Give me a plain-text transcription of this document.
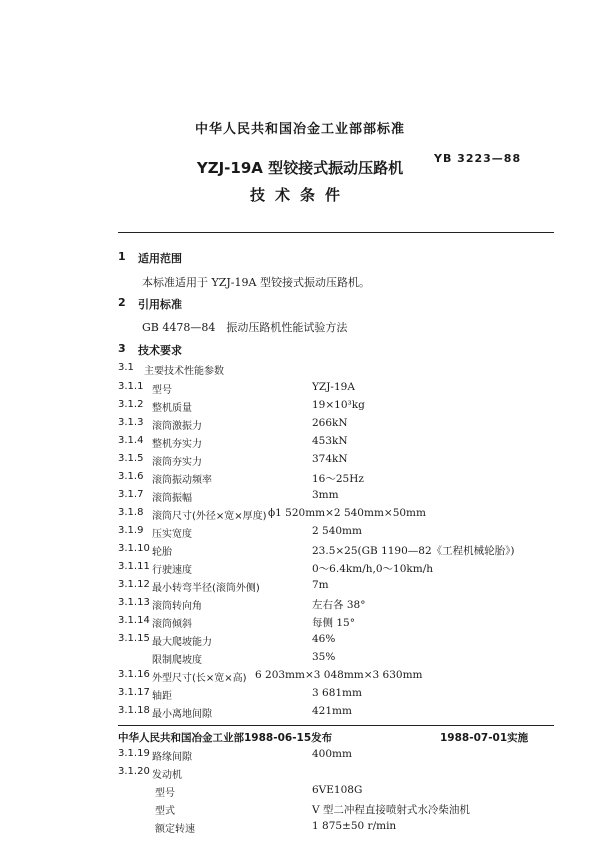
中华人民共和国冶金工业部部标准
YB 3223—88
YZJ-19A 型铰接式振动压路机
技术条件
1 适用范围
本标准适用于 YZJ-19A 型铰接式振动压路机。
2 引用标准
GB 4478—84　振动压路机性能试验方法
3 技术要求
3.1 主要技术性能参数
3.1.1 型号	YZJ-19A
3.1.2 整机质量	19×10³kg
3.1.3 滚筒激振力	266kN
3.1.4 整机夯实力	453kN
3.1.5 滚筒夯实力	374kN
3.1.6 滚筒振动频率	16～25Hz
3.1.7 滚筒振幅	3mm
3.1.8 滚筒尺寸(外径×宽×厚度) ϕ1 520mm×2 540mm×50mm
3.1.9 压实宽度	2 540mm
3.1.10 轮胎	23.5×25(GB 1190—82《工程机械轮胎》)
3.1.11 行驶速度	0～6.4km/h,0～10km/h
3.1.12 最小转弯半径(滚筒外侧)	7m
3.1.13 滚筒转向角	左右各 38°
3.1.14 滚筒倾斜	每侧 15°
3.1.15 最大爬坡能力	46%
限制爬坡度	35%
3.1.16 外型尺寸(长×宽×高) 6 203mm×3 048mm×3 630mm
3.1.17 轴距	3 681mm
3.1.18 最小离地间隙	421mm
中华人民共和国冶金工业部1988-06-15发布	1988-07-01实施
3.1.19 路缘间隙	400mm
3.1.20 发动机
型号	6VE108G
型式	V 型二冲程直接喷射式水冷柴油机
额定转速	1 875±50 r/min
